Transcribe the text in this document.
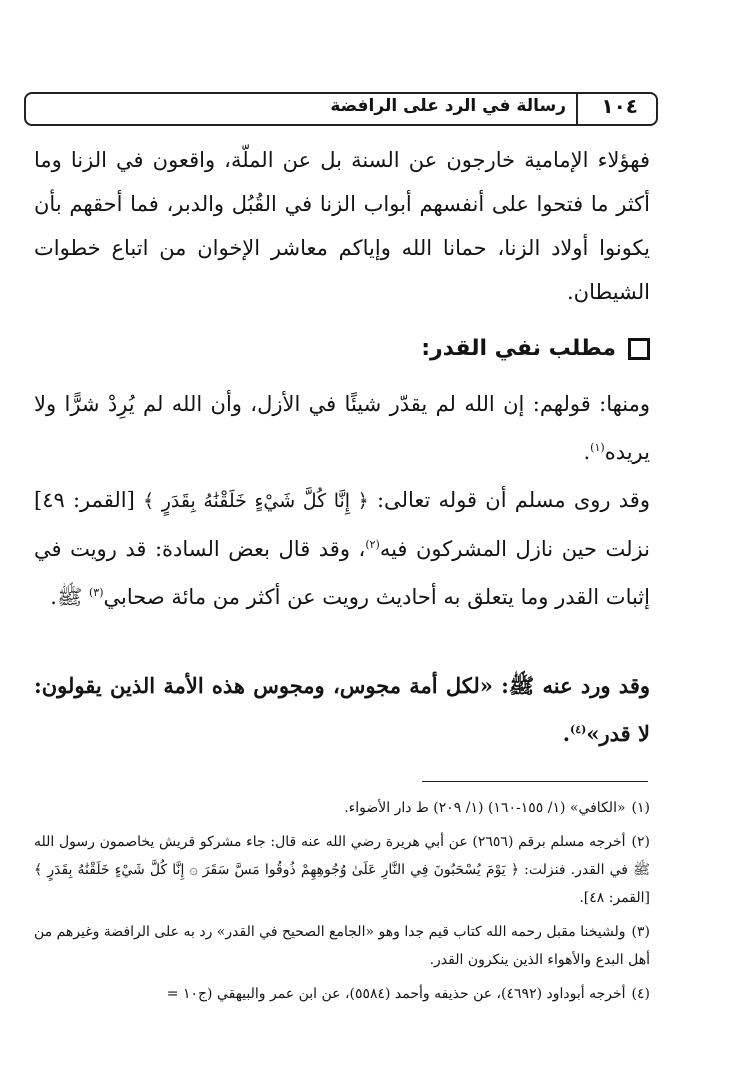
رسالة في الرد على الرافضة ١٠٤

فهؤلاء الإمامية خارجون عن السنة بل عن الملّة، واقعون في الزنا وما أكثر ما فتحوا على أنفسهم أبواب الزنا في القُبُل والدبر، فما أحقهم بأن يكونوا أولاد الزنا، حمانا الله وإياكم معاشر الإخوان من اتباع خطوات الشيطان.

مطلب نفي القدر:

ومنها: قولهم: إن الله لم يقدّر شيئًا في الأزل، وأن الله لم يُرِدْ شرًّا ولا يريده$^{(١)}$.

وقد روى مسلم أن قوله تعالى: ﴿ إِنَّا كُلَّ شَيْءٍ خَلَقْنَٰهُ بِقَدَرٍ ﴾ [القمر: ٤٩] نزلت حين نازل المشركون فيه$^{(٢)}$، وقد قال بعض السادة: قد رويت في إثبات القدر وما يتعلق به أحاديث رويت عن أكثر من مائة صحابي$^{(٣)}$ ﷺ.

وقد ورد عنه ﷺ: «لكل أمة مجوس، ومجوس هذه الأمة الذين يقولون: لا قدر»$^{(٤)}$.

(١)«الكافي» (١/ ١٥٥-١٦٠) (١/ ٢٠٩) ط دار الأضواء.

(٢)أخرجه مسلم برقم (٢٦٥٦) عن أبي هريرة رضي الله عنه قال: جاء مشركو قريش يخاصمون رسول الله ﷺ في القدر. فنزلت: ﴿ يَوْمَ يُسْحَبُونَ فِي النَّارِ عَلَىٰ وُجُوهِهِمْ ذُوقُوا مَسَّ سَقَرَ ۞ إِنَّا كُلَّ شَيْءٍ خَلَقْنَٰهُ بِقَدَرٍ ﴾ [القمر: ٤٨].

(٣)ولشيخنا مقبل رحمه الله كتاب قيم جدا وهو «الجامع الصحيح في القدر» رد به على الرافضة وغيرهم من أهل البدع والأهواء الذين ينكرون القدر.

(٤)أخرجه أبوداود (٤٦٩٢)، عن حذيفه وأحمد (٥٥٨٤)، عن ابن عمر والبيهقي (ج١٠ =
